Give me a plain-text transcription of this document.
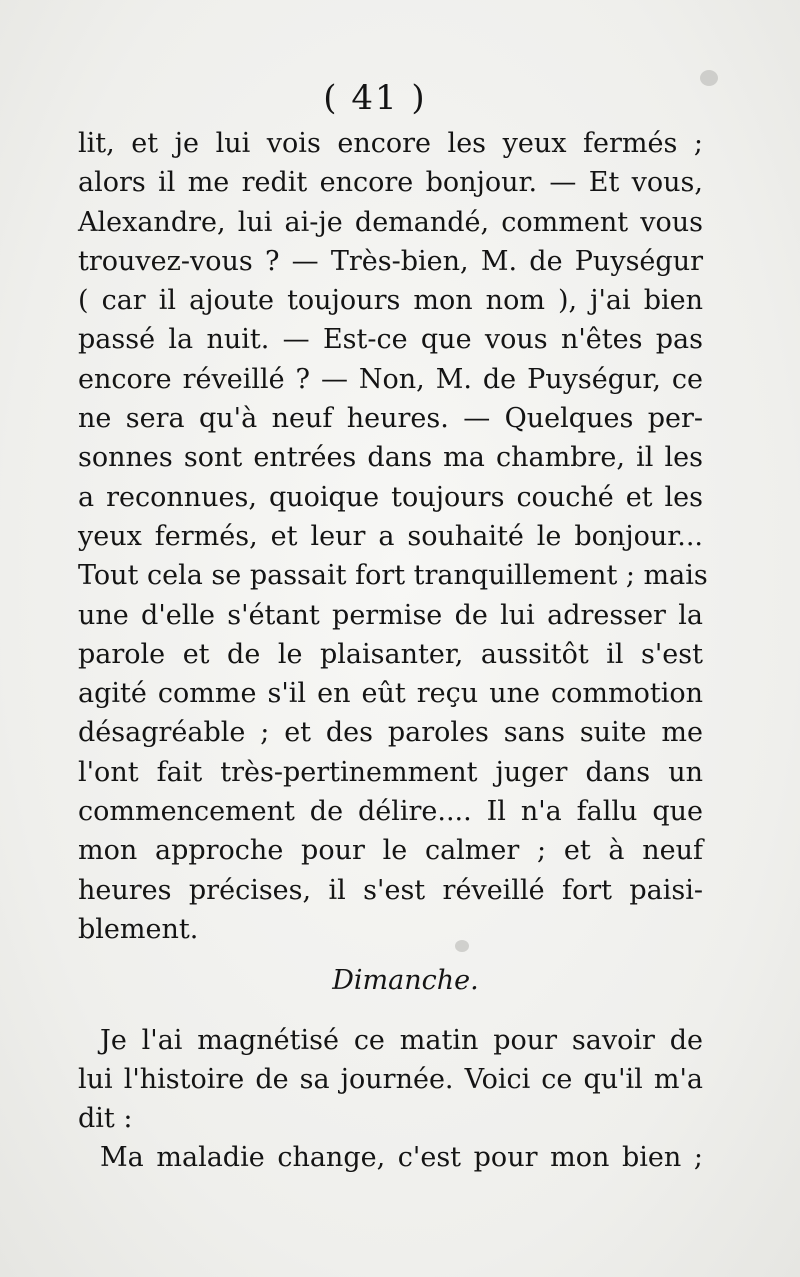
( 41 )
lit, et je lui vois encore les yeux fermés ;
alors il me redit encore bonjour. — Et vous,
Alexandre, lui ai-je demandé, comment vous
trouvez-vous ? — Très-bien, M. de Puységur
( car il ajoute toujours mon nom ), j'ai bien
passé la nuit. — Est-ce que vous n'êtes pas
encore réveillé ? — Non, M. de Puységur, ce
ne sera qu'à neuf heures. — Quelques per-
sonnes sont entrées dans ma chambre, il les
a reconnues, quoique toujours couché et les
yeux fermés, et leur a souhaité le bonjour...
Tout cela se passait fort tranquillement ; mais
une d'elle s'étant permise de lui adresser la
parole et de le plaisanter, aussitôt il s'est
agité comme s'il en eût reçu une commotion
désagréable ; et des paroles sans suite me
l'ont fait très-pertinemment juger dans un
commencement de délire.... Il n'a fallu que
mon approche pour le calmer ; et à neuf
heures précises, il s'est réveillé fort paisi-
blement.
Dimanche.
Je l'ai magnétisé ce matin pour savoir de
lui l'histoire de sa journée. Voici ce qu'il m'a
dit :
Ma maladie change, c'est pour mon bien ;
